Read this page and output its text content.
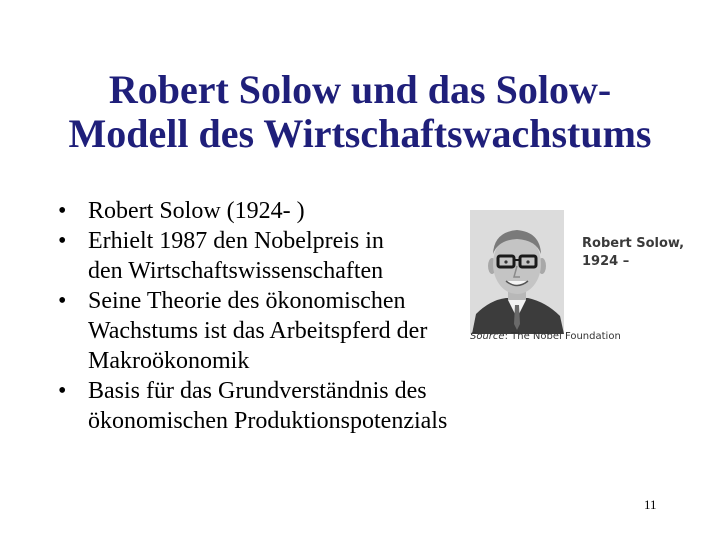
Robert Solow und das Solow-
Modell des Wirtschaftswachstums
• Robert Solow (1924- )
• Erhielt 1987 den Nobelpreis in
den Wirtschaftswissenschaften
• Seine Theorie des ökonomischen
Wachstums ist das Arbeitspferd der
Makroökonomik
• Basis für das Grundverständnis des
ökonomischen Produktionspotenzials
Robert Solow,
1924 –
Source: The Nobel Foundation
11
